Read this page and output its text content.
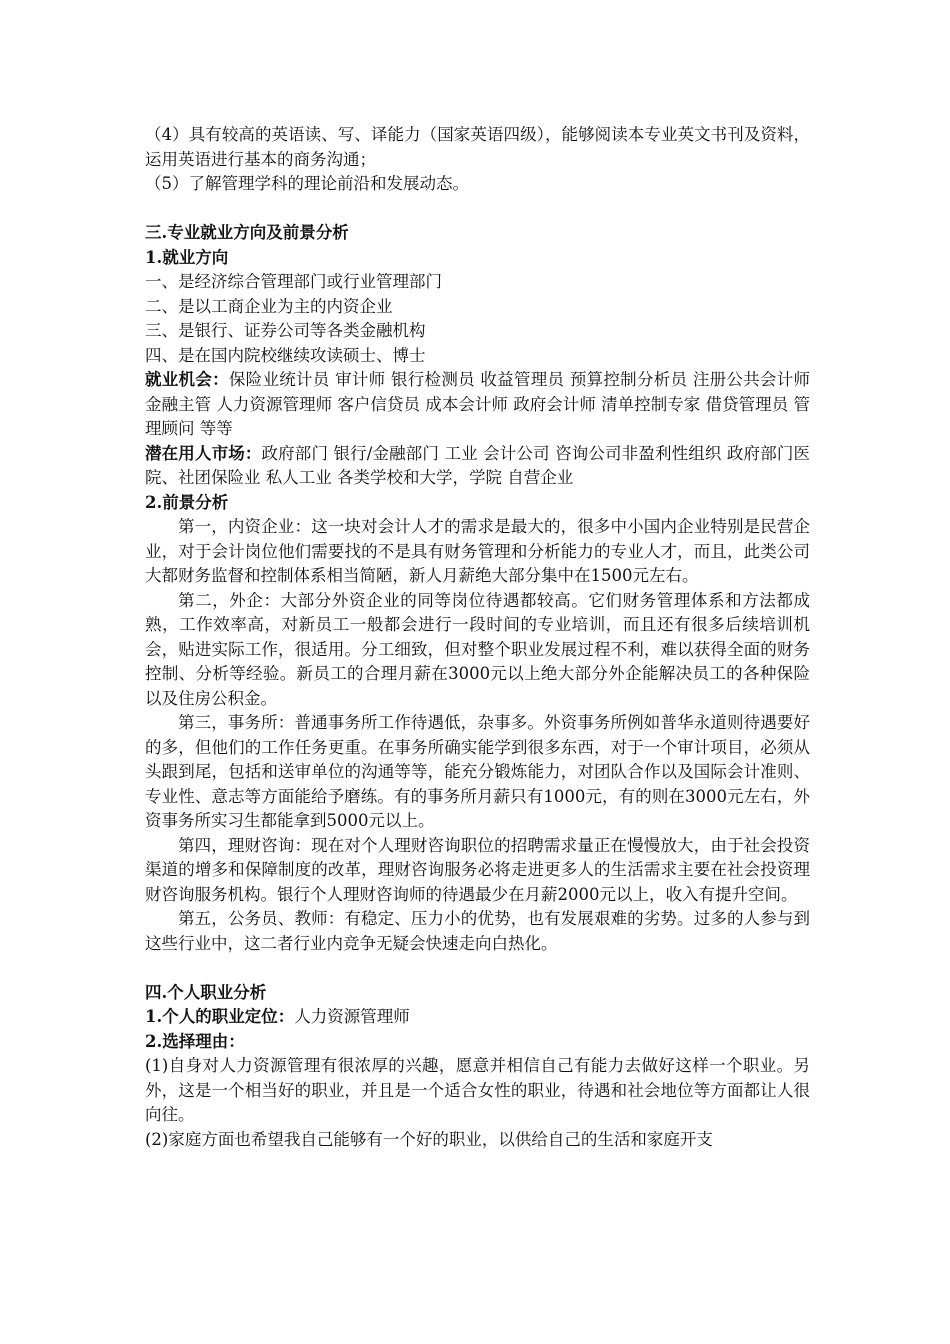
（4）具有较高的英语读、写、译能力（国家英语四级），能够阅读本专业英文书刊及资料，运用英语进行基本的商务沟通；

（5）了解管理学科的理论前沿和发展动态。

三.专业就业方向及前景分析

1.就业方向

一、是经济综合管理部门或行业管理部门

二、是以工商企业为主的内资企业

三、是银行、证券公司等各类金融机构

四、是在国内院校继续攻读硕士、博士

就业机会：保险业统计员 审计师 银行检测员 收益管理员 预算控制分析员 注册公共会计师 金融主管 人力资源管理师 客户信贷员 成本会计师 政府会计师 清单控制专家 借贷管理员 管理顾问 等等

潜在用人市场：政府部门 银行/金融部门 工业 会计公司 咨询公司非盈利性组织 政府部门医院、社团保险业 私人工业 各类学校和大学，学院 自营企业

2.前景分析

第一，内资企业：这一块对会计人才的需求是最大的，很多中小国内企业特别是民营企业，对于会计岗位他们需要找的不是具有财务管理和分析能力的专业人才，而且，此类公司大都财务监督和控制体系相当简陋，新人月薪绝大部分集中在1500元左右。

第二，外企：大部分外资企业的同等岗位待遇都较高。它们财务管理体系和方法都成熟，工作效率高，对新员工一般都会进行一段时间的专业培训，而且还有很多后续培训机会，贴进实际工作，很适用。分工细致，但对整个职业发展过程不利，难以获得全面的财务控制、分析等经验。新员工的合理月薪在3000元以上绝大部分外企能解决员工的各种保险以及住房公积金。

第三，事务所：普通事务所工作待遇低，杂事多。外资事务所例如普华永道则待遇要好的多，但他们的工作任务更重。在事务所确实能学到很多东西，对于一个审计项目，必须从头跟到尾，包括和送审单位的沟通等等，能充分锻炼能力，对团队合作以及国际会计准则、专业性、意志等方面能给予磨练。有的事务所月薪只有1000元，有的则在3000元左右，外资事务所实习生都能拿到5000元以上。

第四，理财咨询：现在对个人理财咨询职位的招聘需求量正在慢慢放大，由于社会投资渠道的增多和保障制度的改革，理财咨询服务必将走进更多人的生活需求主要在社会投资理财咨询服务机构。银行个人理财咨询师的待遇最少在月薪2000元以上，收入有提升空间。

第五，公务员、教师：有稳定、压力小的优势，也有发展艰难的劣势。过多的人参与到这些行业中，这二者行业内竞争无疑会快速走向白热化。

四.个人职业分析

1.个人的职业定位：人力资源管理师

2.选择理由：

(1)自身对人力资源管理有很浓厚的兴趣，愿意并相信自己有能力去做好这样一个职业。另外，这是一个相当好的职业，并且是一个适合女性的职业，待遇和社会地位等方面都让人很向往。

(2)家庭方面也希望我自己能够有一个好的职业，以供给自己的生活和家庭开支
